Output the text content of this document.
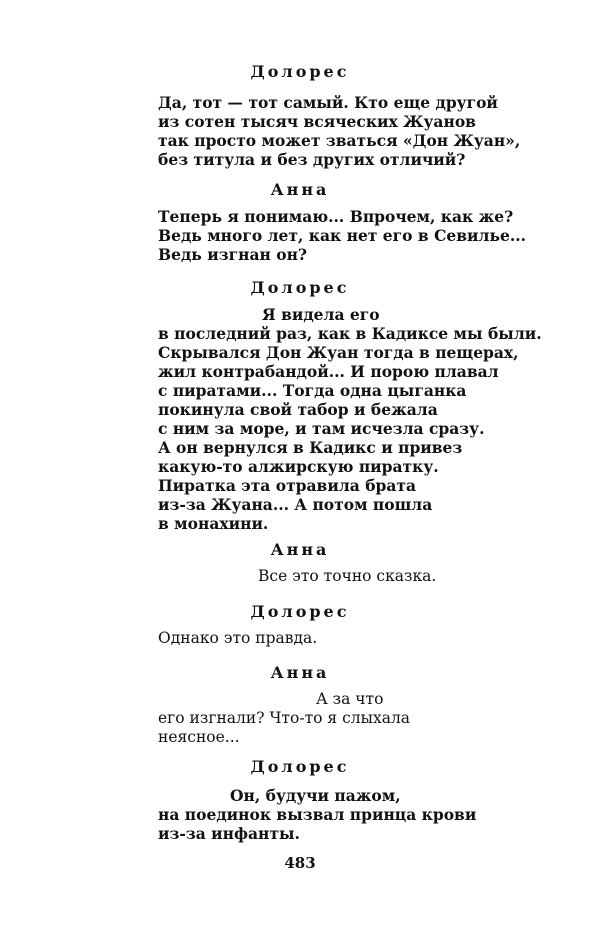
Долорес
Да, тот — тот самый. Кто еще другой
из сотен тысяч всяческих Жуанов
так просто может зваться «Дон Жуан»,
без титула и без других отличий?
Анна
Теперь я понимаю... Впрочем, как же?
Ведь много лет, как нет его в Севилье...
Ведь изгнан он?
Долорес
Я видела его
в последний раз, как в Кадиксе мы были.
Скрывался Дон Жуан тогда в пещерах,
жил контрабандой... И порою плавал
с пиратами... Тогда одна цыганка
покинула свой табор и бежала
с ним за море, и там исчезла сразу.
А он вернулся в Кадикс и привез
какую-то алжирскую пиратку.
Пиратка эта отравила брата
из-за Жуана... А потом пошла
в монахини.
Анна
Все это точно сказка.
Долорес
Однако это правда.
Анна
А за что
его изгнали? Что-то я слыхала
неясное...
Долорес
Он, будучи пажом,
на поединок вызвал принца крови
из-за инфанты.
483
